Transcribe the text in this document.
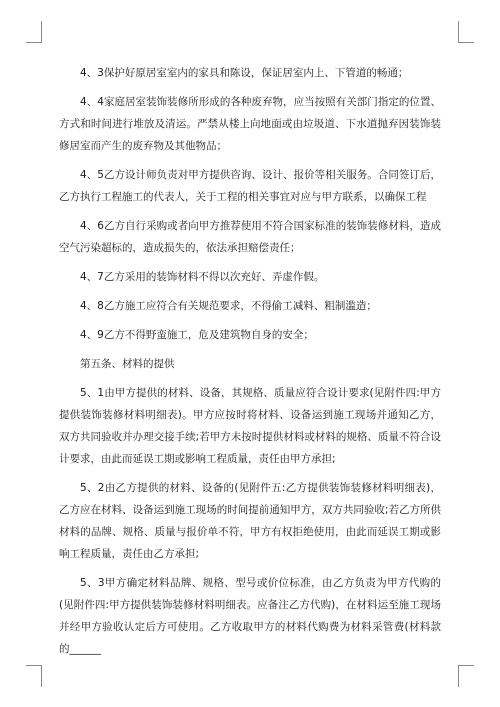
4、3保护好原居室室内的家具和陈设，保证居室内上、下管道的畅通；

4、4家庭居室装饰装修所形成的各种废弃物，应当按照有关部门指定的位置、方式和时间进行堆放及清运。严禁从楼上向地面或由垃圾道、下水道抛弃因装饰装修居室而产生的废弃物及其他物品；

4、5乙方设计师负责对甲方提供咨询、设计、报价等相关服务。合同签订后，乙方执行工程施工的代表人，关于工程的相关事宜对应与甲方联系，以确保工程

4、6乙方自行采购或者向甲方推荐使用不符合国家标准的装饰装修材料，造成空气污染超标的，造成损失的，依法承担赔偿责任；

4、7乙方采用的装饰材料不得以次充好、弄虚作假。

4、8乙方施工应符合有关规范要求，不得偷工减料、粗制滥造；

4、9乙方不得野蛮施工，危及建筑物自身的安全；

第五条、材料的提供

5、1由甲方提供的材料、设备，其规格、质量应符合设计要求(见附件四:甲方提供装饰装修材料明细表)。甲方应按时将材料、设备运到施工现场并通知乙方，双方共同验收并办理交接手续;若甲方未按时提供材料或材料的规格、质量不符合设计要求，由此而延误工期或影响工程质量，责任由甲方承担;

5、2由乙方提供的材料、设备的(见附件五:乙方提供装饰装修材料明细表)，乙方应在材料、设备运到施工现场的时间提前通知甲方，双方共同验收;若乙方所供材料的品牌、规格、质量与报价单不符，甲方有权拒绝使用，由此而延误工期或影响工程质量，责任由乙方承担;

5、3甲方确定材料品牌、规格、型号或价位标准，由乙方负责为甲方代购的(见附件四:甲方提供装饰装修材料明细表。应备注乙方代购)，在材料运至施工现场并经甲方验收认定后方可使用。乙方收取甲方的材料代购费为材料采管费(材料款的______
